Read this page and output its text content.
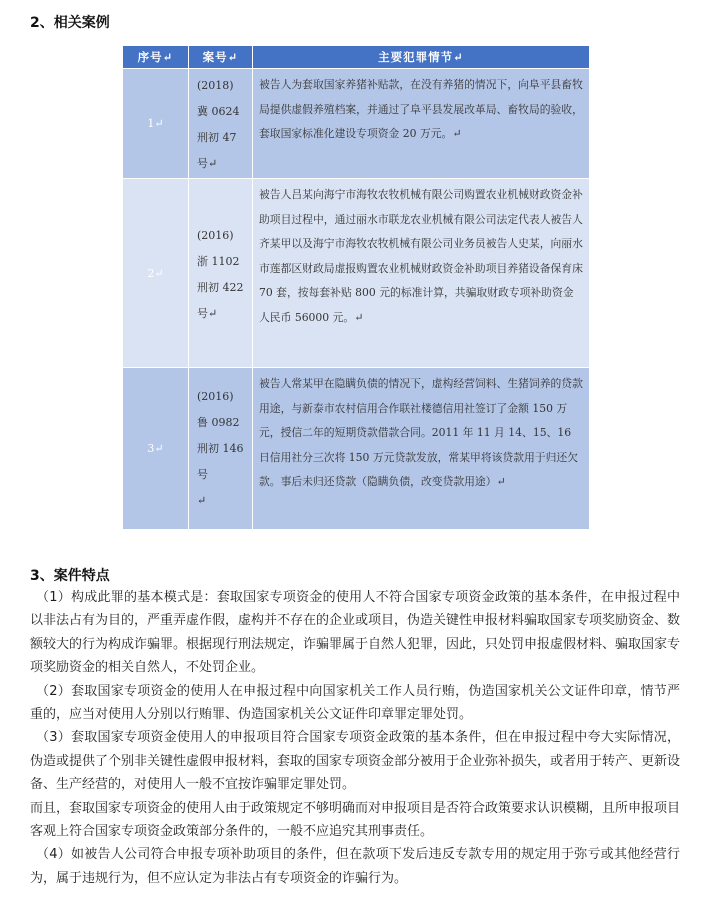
2、相关案例
序号↵	案号↵	主要犯罪情节↵
1↵	(2018)
冀 0624
刑初 47
号↵	被告人为套取国家养猪补贴款，在没有养猪的情况下，向阜平县畜牧局提供虚假养殖档案，并通过了阜平县发展改革局、畜牧局的验收，套取国家标准化建设专项资金 20 万元。↵
2↵	(2016)
浙 1102
刑初 422
号↵	被告人吕某向海宁市海牧农牧机械有限公司购置农业机械财政资金补助项目过程中，通过丽水市联龙农业机械有限公司法定代表人被告人齐某甲以及海宁市海牧农牧机械有限公司业务员被告人史某，向丽水市莲都区财政局虚报购置农业机械财政资金补助项目养猪设备保育床 70 套，按每套补贴 800 元的标准计算，共骗取财政专项补助资金人民币 56000 元。↵
3↵	(2016)
鲁 0982
刑初 146
号
↵	被告人常某甲在隐瞒负债的情况下，虚构经营饲料、生猪饲养的贷款用途，与新泰市农村信用合作联社楼德信用社签订了金额 150 万元，授信二年的短期贷款借款合同。2011 年 11 月 14、15、16 日信用社分三次将 150 万元贷款发放，常某甲将该贷款用于归还欠款。事后未归还贷款（隐瞒负债，改变贷款用途）↵
3、案件特点

（1）构成此罪的基本模式是：套取国家专项资金的使用人不符合国家专项资金政策的基本条件，在申报过程中以非法占有为目的，严重弄虚作假，虚构并不存在的企业或项目，伪造关键性申报材料骗取国家专项奖励资金、数额较大的行为构成诈骗罪。根据现行刑法规定，诈骗罪属于自然人犯罪，因此，只处罚申报虚假材料、骗取国家专项奖励资金的相关自然人，不处罚企业。

（2）套取国家专项资金的使用人在申报过程中向国家机关工作人员行贿，伪造国家机关公文证件印章，情节严重的，应当对使用人分别以行贿罪、伪造国家机关公文证件印章罪定罪处罚。

（3）套取国家专项资金使用人的申报项目符合国家专项资金政策的基本条件，但在申报过程中夸大实际情况，伪造或提供了个别非关键性虚假申报材料，套取的国家专项资金部分被用于企业弥补损失，或者用于转产、更新设备、生产经营的，对使用人一般不宜按诈骗罪定罪处罚。

而且，套取国家专项资金的使用人由于政策规定不够明确而对申报项目是否符合政策要求认识模糊，且所申报项目客观上符合国家专项资金政策部分条件的，一般不应追究其刑事责任。

（4）如被告人公司符合申报专项补助项目的条件，但在款项下发后违反专款专用的规定用于弥亏或其他经营行为，属于违规行为，但不应认定为非法占有专项资金的诈骗行为。
